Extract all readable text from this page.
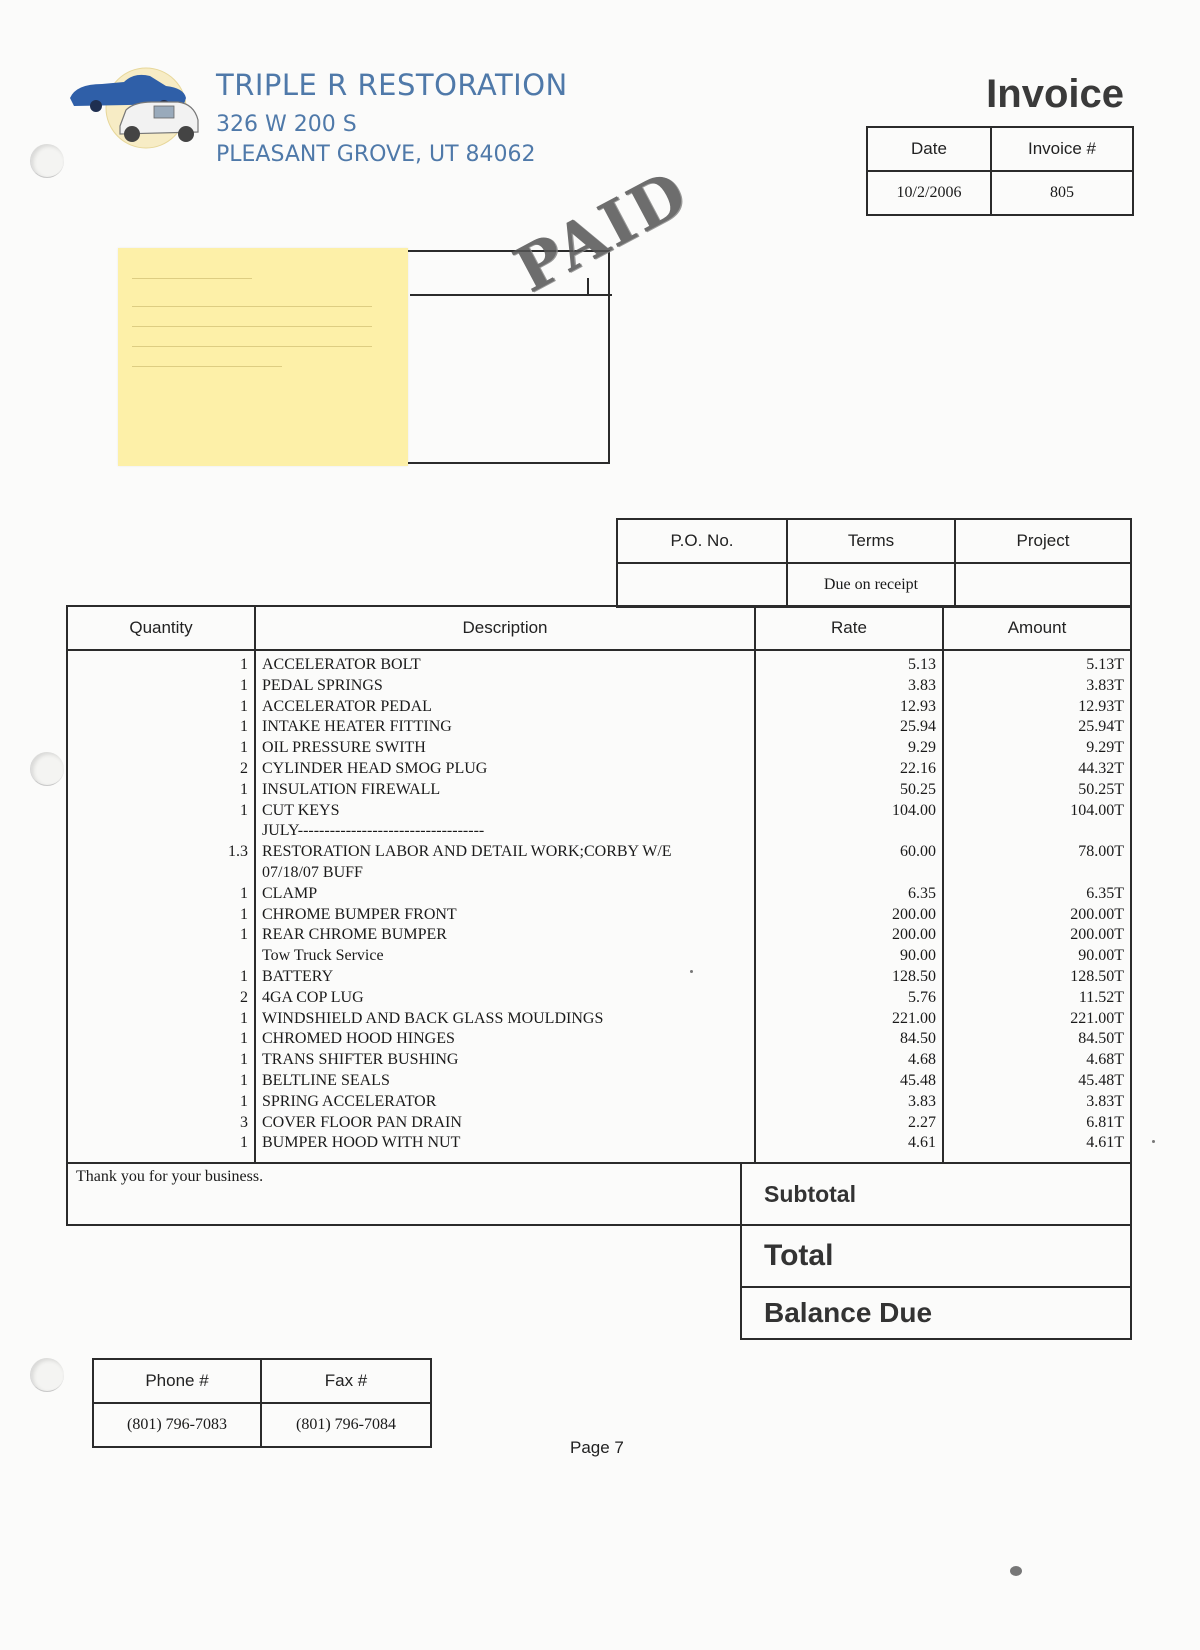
TRIPLE R RESTORATION
326 W 200 S
PLEASANT GROVE, UT 84062
Invoice
Date	Invoice #
10/2/2006	805
PAID
P.O. No.	Terms	Project
	Due on receipt	
Quantity	Description	Rate	Amount
1	ACCELERATOR BOLT	5.13	5.13T
1	PEDAL SPRINGS	3.83	3.83T
1	ACCELERATOR PEDAL	12.93	12.93T
1	INTAKE HEATER FITTING	25.94	25.94T
1	OIL PRESSURE SWITH	9.29	9.29T
2	CYLINDER HEAD SMOG PLUG	22.16	44.32T
1	INSULATION FIREWALL	50.25	50.25T
1	CUT KEYS	104.00	104.00T
	JULY-----------------------------------		
1.3	RESTORATION LABOR AND DETAIL WORK;CORBY W/E	60.00	78.00T
	07/18/07 BUFF		
1	CLAMP	6.35	6.35T
1	CHROME BUMPER FRONT	200.00	200.00T
1	REAR CHROME BUMPER	200.00	200.00T
	Tow Truck Service	90.00	90.00T
1	BATTERY	128.50	128.50T
2	4GA COP LUG	5.76	11.52T
1	WINDSHIELD AND BACK GLASS MOULDINGS	221.00	221.00T
1	CHROMED HOOD HINGES	84.50	84.50T
1	TRANS SHIFTER BUSHING	4.68	4.68T
1	BELTLINE SEALS	45.48	45.48T
1	SPRING ACCELERATOR	3.83	3.83T
3	COVER FLOOR PAN DRAIN	2.27	6.81T
1	BUMPER HOOD WITH NUT	4.61	4.61T
Thank you for your business.
Subtotal
Total
Balance Due
Phone #	Fax #
(801) 796-7083	(801) 796-7084
Page 7
